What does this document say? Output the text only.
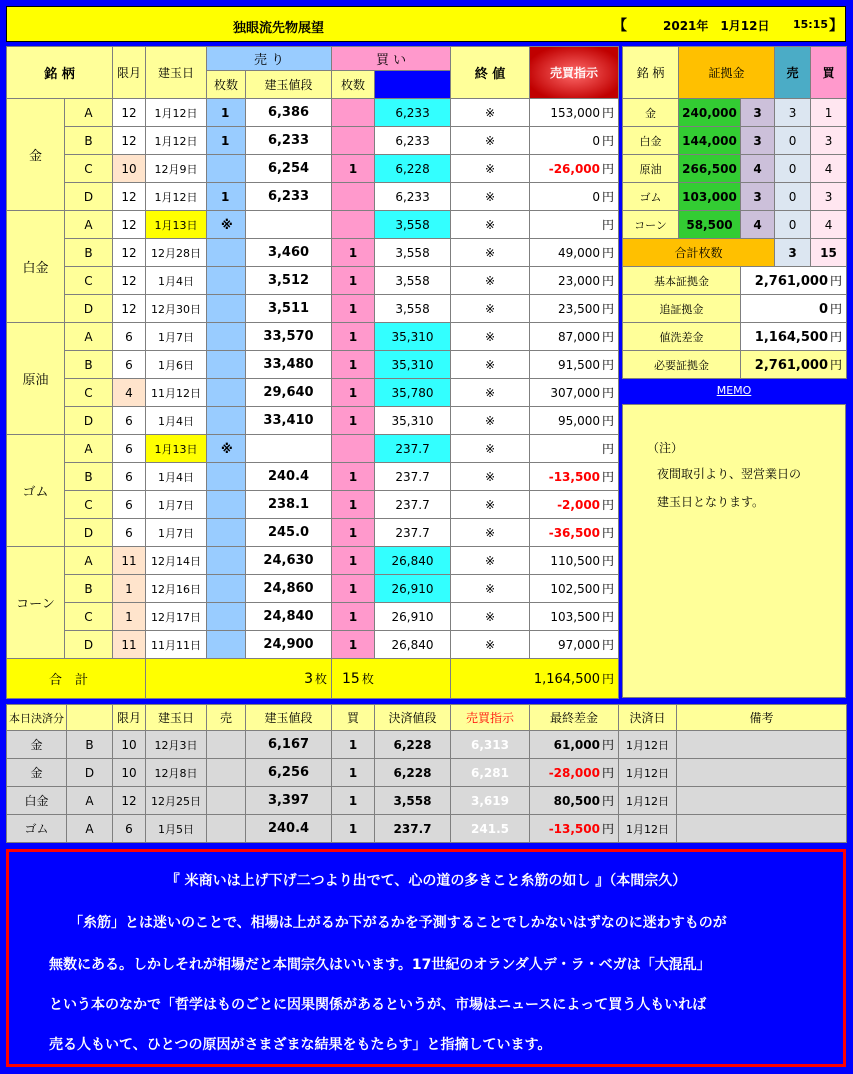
独眼流先物展望	【	2021年　1月12日 15:15 】
銘 柄		限月	建玉日	売 り		買 い		終 値	売買指示	
				枚数	建玉値段	枚数				
金	A	12	1月12日	1	6,386		6,233	※	153,000 円	
	B	12	1月12日	1	6,233		6,233	※	0 円	
	C	10	12月9日		6,254	1	6,228	※	-26,000 円	
	D	12	1月12日	1	6,233		6,233	※	0 円	
白金	A	12	1月13日	※			3,558	※	円	
	B	12	12月28日		3,460	1	3,558	※	49,000 円	
	C	12	1月4日		3,512	1	3,558	※	23,000 円	
	D	12	12月30日		3,511	1	3,558	※	23,500 円	
原油	A	6	1月7日		33,570	1	35,310	※	87,000 円	
	B	6	1月6日		33,480	1	35,310	※	91,500 円	
	C	4	11月12日		29,640	1	35,780	※	307,000 円	
	D	6	1月4日		33,410	1	35,310	※	95,000 円	
ゴム	A	6	1月13日	※			237.7	※	円	
	B	6	1月4日		240.4	1	237.7	※	-13,500 円	
	C	6	1月7日		238.1	1	237.7	※	-2,000 円	
	D	6	1月7日		245.0	1	237.7	※	-36,500 円	
コーン	A	11	12月14日		24,630	1	26,840	※	110,500 円	
	B	1	12月16日		24,860	1	26,910	※	102,500 円	
	C	1	12月17日		24,840	1	26,910	※	103,500 円	
	D	11	11月11日		24,900	1	26,840	※	97,000 円	
合　計			3 枚			15 枚		1,164,500 円		
銘 柄	証拠金		売	買
金	240,000	3	3	1
白金	144,000	3	0	3
原油	266,500	4	0	4
ゴム	103,000	3	0	3
コーン	58,500	4	0	4
合計枚数			3	15
基本証拠金		2,761,000 円		
追証拠金		0 円		
値洗差金		1,164,500 円		
必要証拠金		2,761,000 円		
MEMO
（注）
夜間取引より、翌営業日の
建玉日となります。
本日決済分		限月	建玉日	売	建玉値段	買	決済値段	売買指示	最終差金	決済日	備考
金	B	10	12月3日		6,167	1	6,228	6,313	61,000 円	1月12日	
金	D	10	12月8日		6,256	1	6,228	6,281	-28,000 円	1月12日	
白金	A	12	12月25日		3,397	1	3,558	3,619	80,500 円	1月12日	
ゴム	A	6	1月5日		240.4	1	237.7	241.5	-13,500 円	1月12日	
『 米商いは上げ下げ二つより出でて、心の道の多きこと糸筋の如し 』（本間宗久）
「糸筋」とは迷いのことで、相場は上がるか下がるかを予測することでしかないはずなのに迷わすものが
無数にある。しかしそれが相場だと本間宗久はいいます。17世紀のオランダ人デ・ラ・ベガは「大混乱」
という本のなかで「哲学はものごとに因果関係があるというが、市場はニュースによって買う人もいれば
売る人もいて、ひとつの原因がさまざまな結果をもたらす」と指摘しています。
